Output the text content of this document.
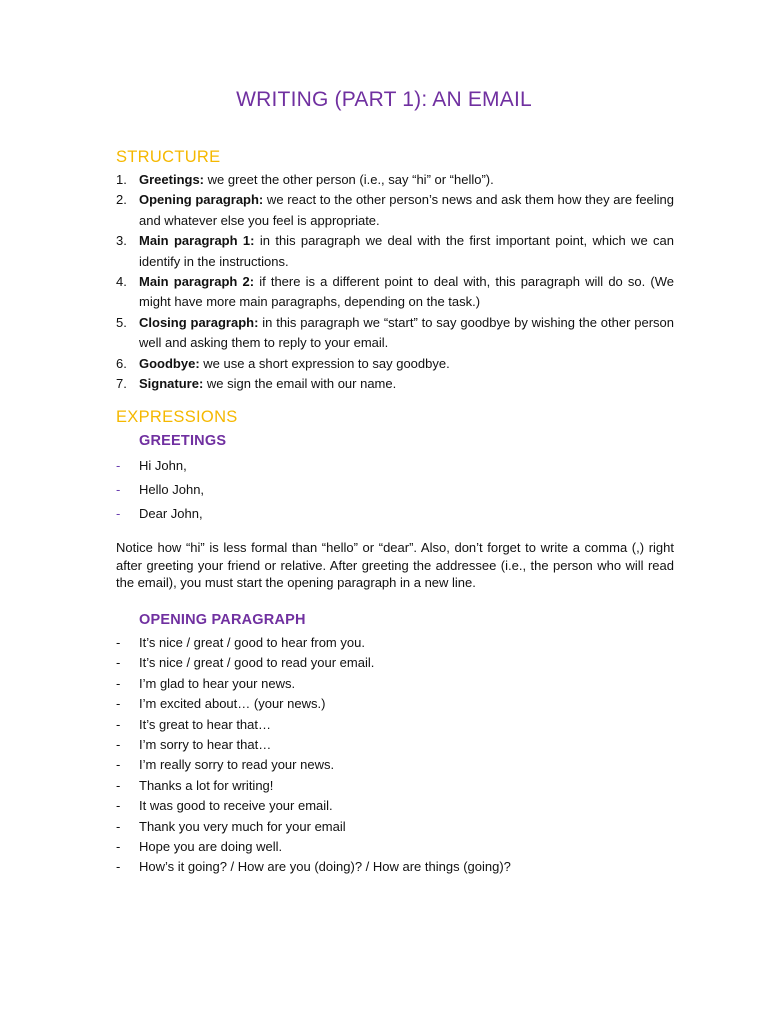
WRITING (PART 1): AN EMAIL
STRUCTURE
1. Greetings: we greet the other person (i.e., say “hi” or “hello”).
2. Opening paragraph: we react to the other person’s news and ask them how they are feeling and whatever else you feel is appropriate.
3. Main paragraph 1: in this paragraph we deal with the first important point, which we can identify in the instructions.
4. Main paragraph 2: if there is a different point to deal with, this paragraph will do so. (We might have more main paragraphs, depending on the task.)
5. Closing paragraph: in this paragraph we “start” to say goodbye by wishing the other person well and asking them to reply to your email.
6. Goodbye: we use a short expression to say goodbye.
7. Signature: we sign the email with our name.
EXPRESSIONS
GREETINGS
- Hi John,
- Hello John,
- Dear John,

Notice how “hi” is less formal than “hello” or “dear”. Also, don’t forget to write a comma (,) right after greeting your friend or relative. After greeting the addressee (i.e., the person who will read the email), you must start the opening paragraph in a new line.

OPENING PARAGRAPH
- It’s nice / great / good to hear from you.
- It’s nice / great / good to read your email.
- I’m glad to hear your news.
- I’m excited about… (your news.)
- It’s great to hear that…
- I’m sorry to hear that…
- I’m really sorry to read your news.
- Thanks a lot for writing!
- It was good to receive your email.
- Thank you very much for your email
- Hope you are doing well.
- How’s it going? / How are you (doing)? / How are things (going)?
